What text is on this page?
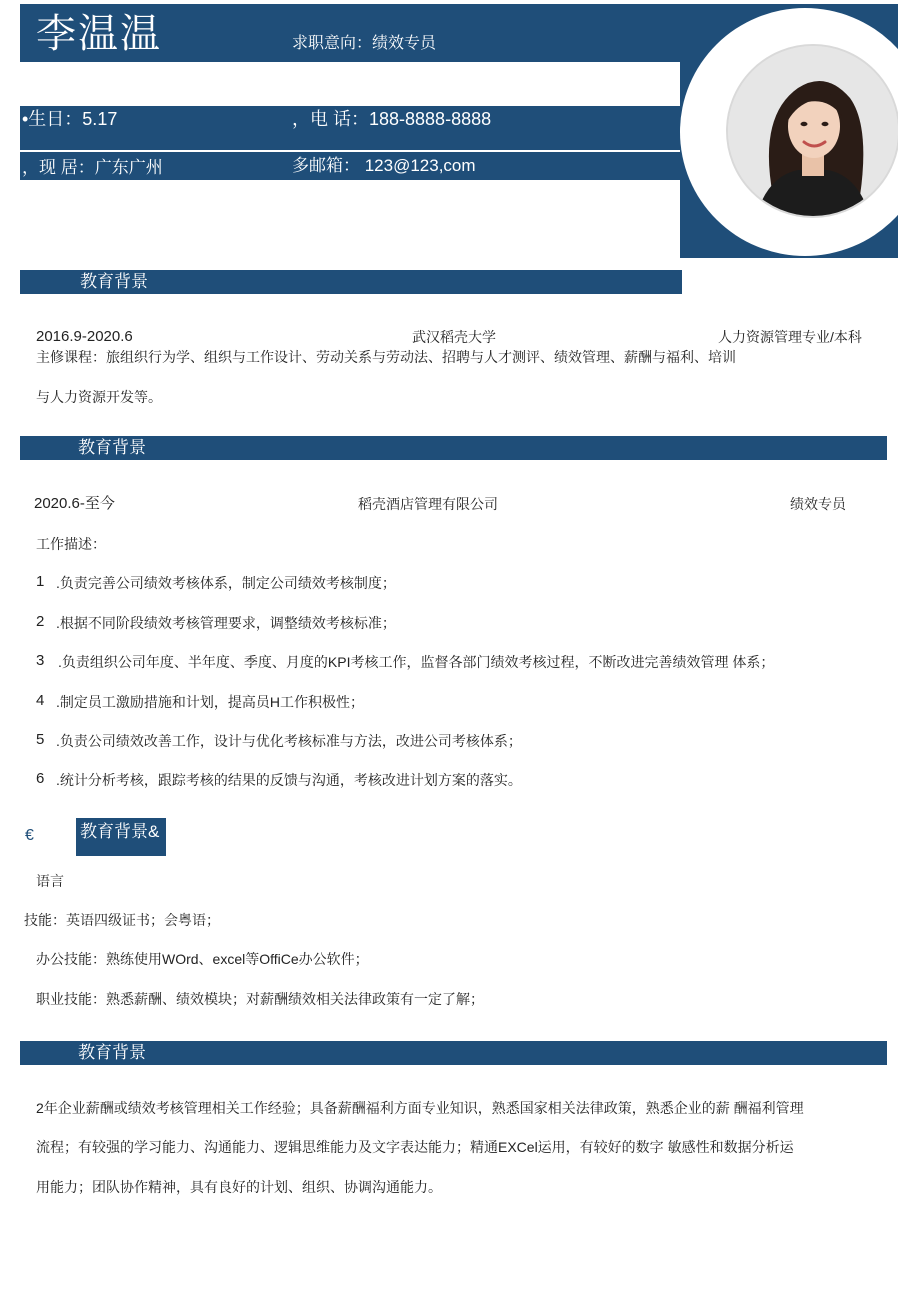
李温温	求职意向：绩效专员
•生日：5.17	，电 话：188-8888-8888
，现 居：广东广州	多邮箱： 123@123,com
教育背景
2016.9-2020.6	武汉稻壳大学	人力资源管理专业/本科
主修课程：旅组织行为学、组织与工作设计、劳动关系与劳动法、招聘与人才测评、绩效管理、薪酬与福利、培训
与人力资源开发等。
教育背景
2020.6-至今	稻壳酒店管理有限公司	绩效专员
工作描述：
1 .负责完善公司绩效考核体系，制定公司绩效考核制度；
2 .根据不同阶段绩效考核管理要求，调整绩效考核标准；
3 .负责组织公司年度、半年度、季度、月度的KPI考核工作，监督各部门绩效考核过程，不断改进完善绩效管理 体系；
4 .制定员工激励措施和计划，提高员H工作积极性；
5 .负责公司绩效改善工作，设计与优化考核标准与方法，改进公司考核体系；
6 .统计分析考核，跟踪考核的结果的反馈与沟通，考核改进计划方案的落实。
€	教育背景&
语言
技能：英语四级证书；会粤语；
办公技能：熟练使用WOrd、excel等OffiCe办公软件；
职业技能：熟悉薪酬、绩效模块；对薪酬绩效相关法律政策有一定了解；
教育背景
2年企业薪酬或绩效考核管理相关工作经验；具备薪酬福利方面专业知识，熟悉国家相关法律政策，熟悉企业的薪 酬福利管理
流程；有较强的学习能力、沟通能力、逻辑思维能力及文字表达能力；精通EXCel运用，有较好的数字 敏感性和数据分析运
用能力；团队协作精神，具有良好的计划、组织、协调沟通能力。
